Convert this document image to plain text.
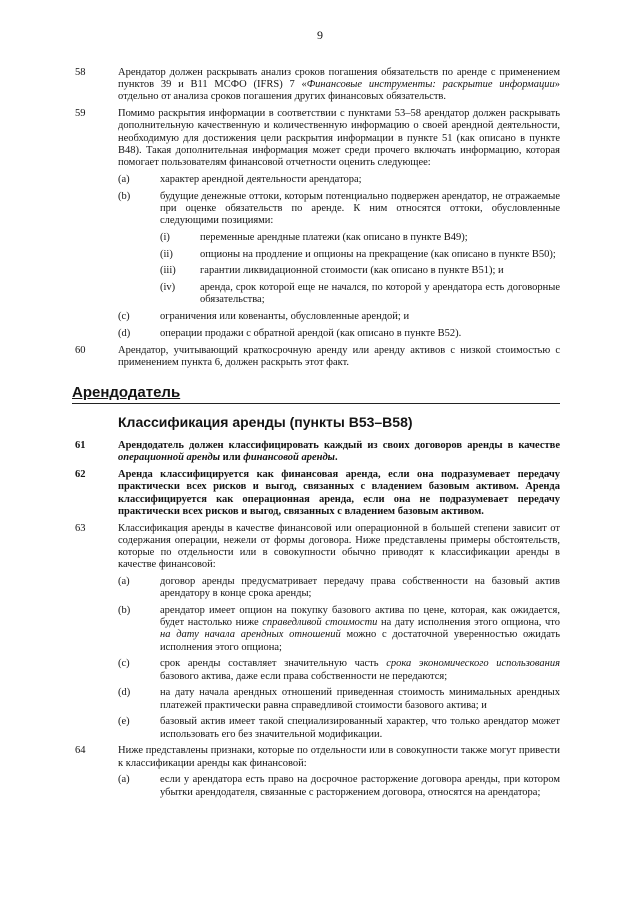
9
58	Арендатор должен раскрывать анализ сроков погашения обязательств по аренде с применением пунктов 39 и B11 МСФО (IFRS) 7 «Финансовые инструменты: раскрытие информации» отдельно от анализа сроков погашения других финансовых обязательств.
59	Помимо раскрытия информации в соответствии с пунктами 53–58 арендатор должен раскрывать дополнительную качественную и количественную информацию о своей арендной деятельности, необходимую для достижения цели раскрытия информации в пункте 51 (как описано в пункте B48). Такая дополнительная информация может среди прочего включать информацию, которая помогает пользователям финансовой отчетности оценить следующее:
(a)	характер арендной деятельности арендатора;
(b)	будущие денежные оттоки, которым потенциально подвержен арендатор, не отражаемые при оценке обязательств по аренде. К ним относятся оттоки, обусловленные следующими позициями:
(i)	переменные арендные платежи (как описано в пункте B49);
(ii)	опционы на продление и опционы на прекращение (как описано в пункте B50);
(iii)	гарантии ликвидационной стоимости (как описано в пункте B51); и
(iv)	аренда, срок которой еще не начался, по которой у арендатора есть договорные обязательства;
(c)	ограничения или ковенанты, обусловленные арендой; и
(d)	операции продажи с обратной арендой (как описано в пункте B52).
60	Арендатор, учитывающий краткосрочную аренду или аренду активов с низкой стоимостью с применением пункта 6, должен раскрыть этот факт.
Арендодатель
Классификация аренды (пункты B53–B58)
61	Арендодатель должен классифицировать каждый из своих договоров аренды в качестве операционной аренды или финансовой аренды.
62	Аренда классифицируется как финансовая аренда, если она подразумевает передачу практически всех рисков и выгод, связанных с владением базовым активом. Аренда классифицируется как операционная аренда, если она не подразумевает передачу практически всех рисков и выгод, связанных с владением базовым активом.
63	Классификация аренды в качестве финансовой или операционной в большей степени зависит от содержания операции, нежели от формы договора. Ниже представлены примеры обстоятельств, которые по отдельности или в совокупности обычно приводят к классификации аренды в качестве финансовой:
(a)	договор аренды предусматривает передачу права собственности на базовый актив арендатору в конце срока аренды;
(b)	арендатор имеет опцион на покупку базового актива по цене, которая, как ожидается, будет настолько ниже справедливой стоимости на дату исполнения этого опциона, что на дату начала арендных отношений можно с достаточной уверенностью ожидать исполнения этого опциона;
(c)	срок аренды составляет значительную часть срока экономического использования базового актива, даже если права собственности не передаются;
(d)	на дату начала арендных отношений приведенная стоимость минимальных арендных платежей практически равна справедливой стоимости базового актива; и
(e)	базовый актив имеет такой специализированный характер, что только арендатор может использовать его без значительной модификации.
64	Ниже представлены признаки, которые по отдельности или в совокупности также могут привести к классификации аренды как финансовой:
(a)	если у арендатора есть право на досрочное расторжение договора аренды, при котором убытки арендодателя, связанные с расторжением договора, относятся на арендатора;
